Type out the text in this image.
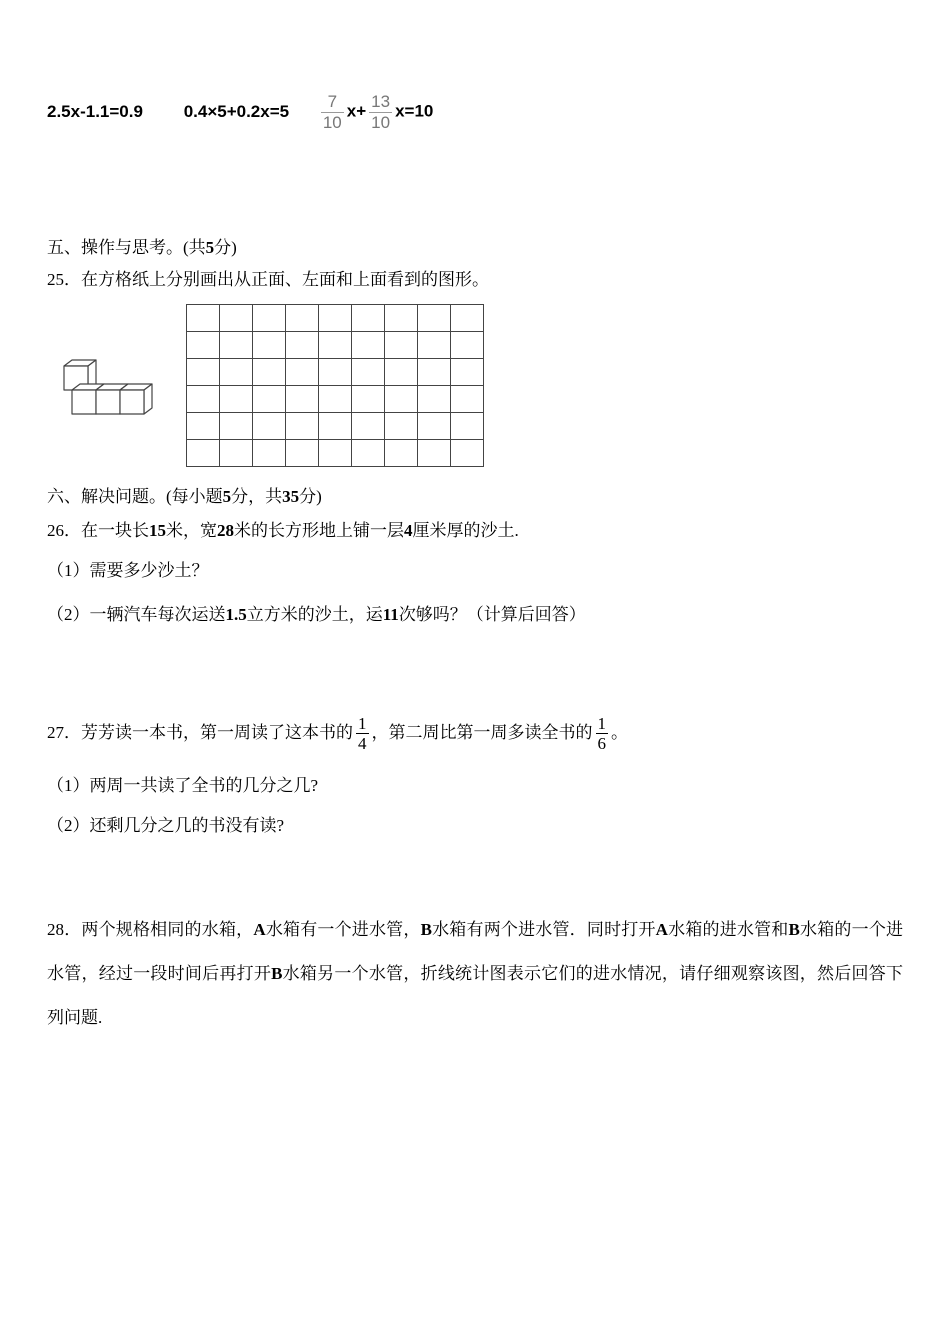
2.5x-1.1=0.9 $0.4\times 5+0.2x=5 \frac{7}{10} x+ \frac{13}{10} x=10$
五、操作与思考。(共5分)
25．在方格纸上分别画出从正面、左面和上面看到的图形。
六、解决问题。(每小题5分，共35分)
26．在一块长15米，宽28米的长方形地上铺一层4厘米厚的沙土.
（1）需要多少沙土？
（2）一辆汽车每次运送1.5立方米的沙土，运11次够吗？（计算后回答）
27．芳芳读一本书，第一周读了这本书的 $\frac{1}{4}$ ，第二周比第一周多读全书的 $\frac{1}{6}$ 。
（1）两周一共读了全书的几分之几?
（2）还剩几分之几的书没有读?
28．两个规格相同的水箱，A水箱有一个进水管，B水箱有两个进水管．同时打开A水箱的进水管和B水箱的一个进水管，经过一段时间后再打开B水箱另一个水管，折线统计图表示它们的进水情况，请仔细观察该图，然后回答下列问题.
